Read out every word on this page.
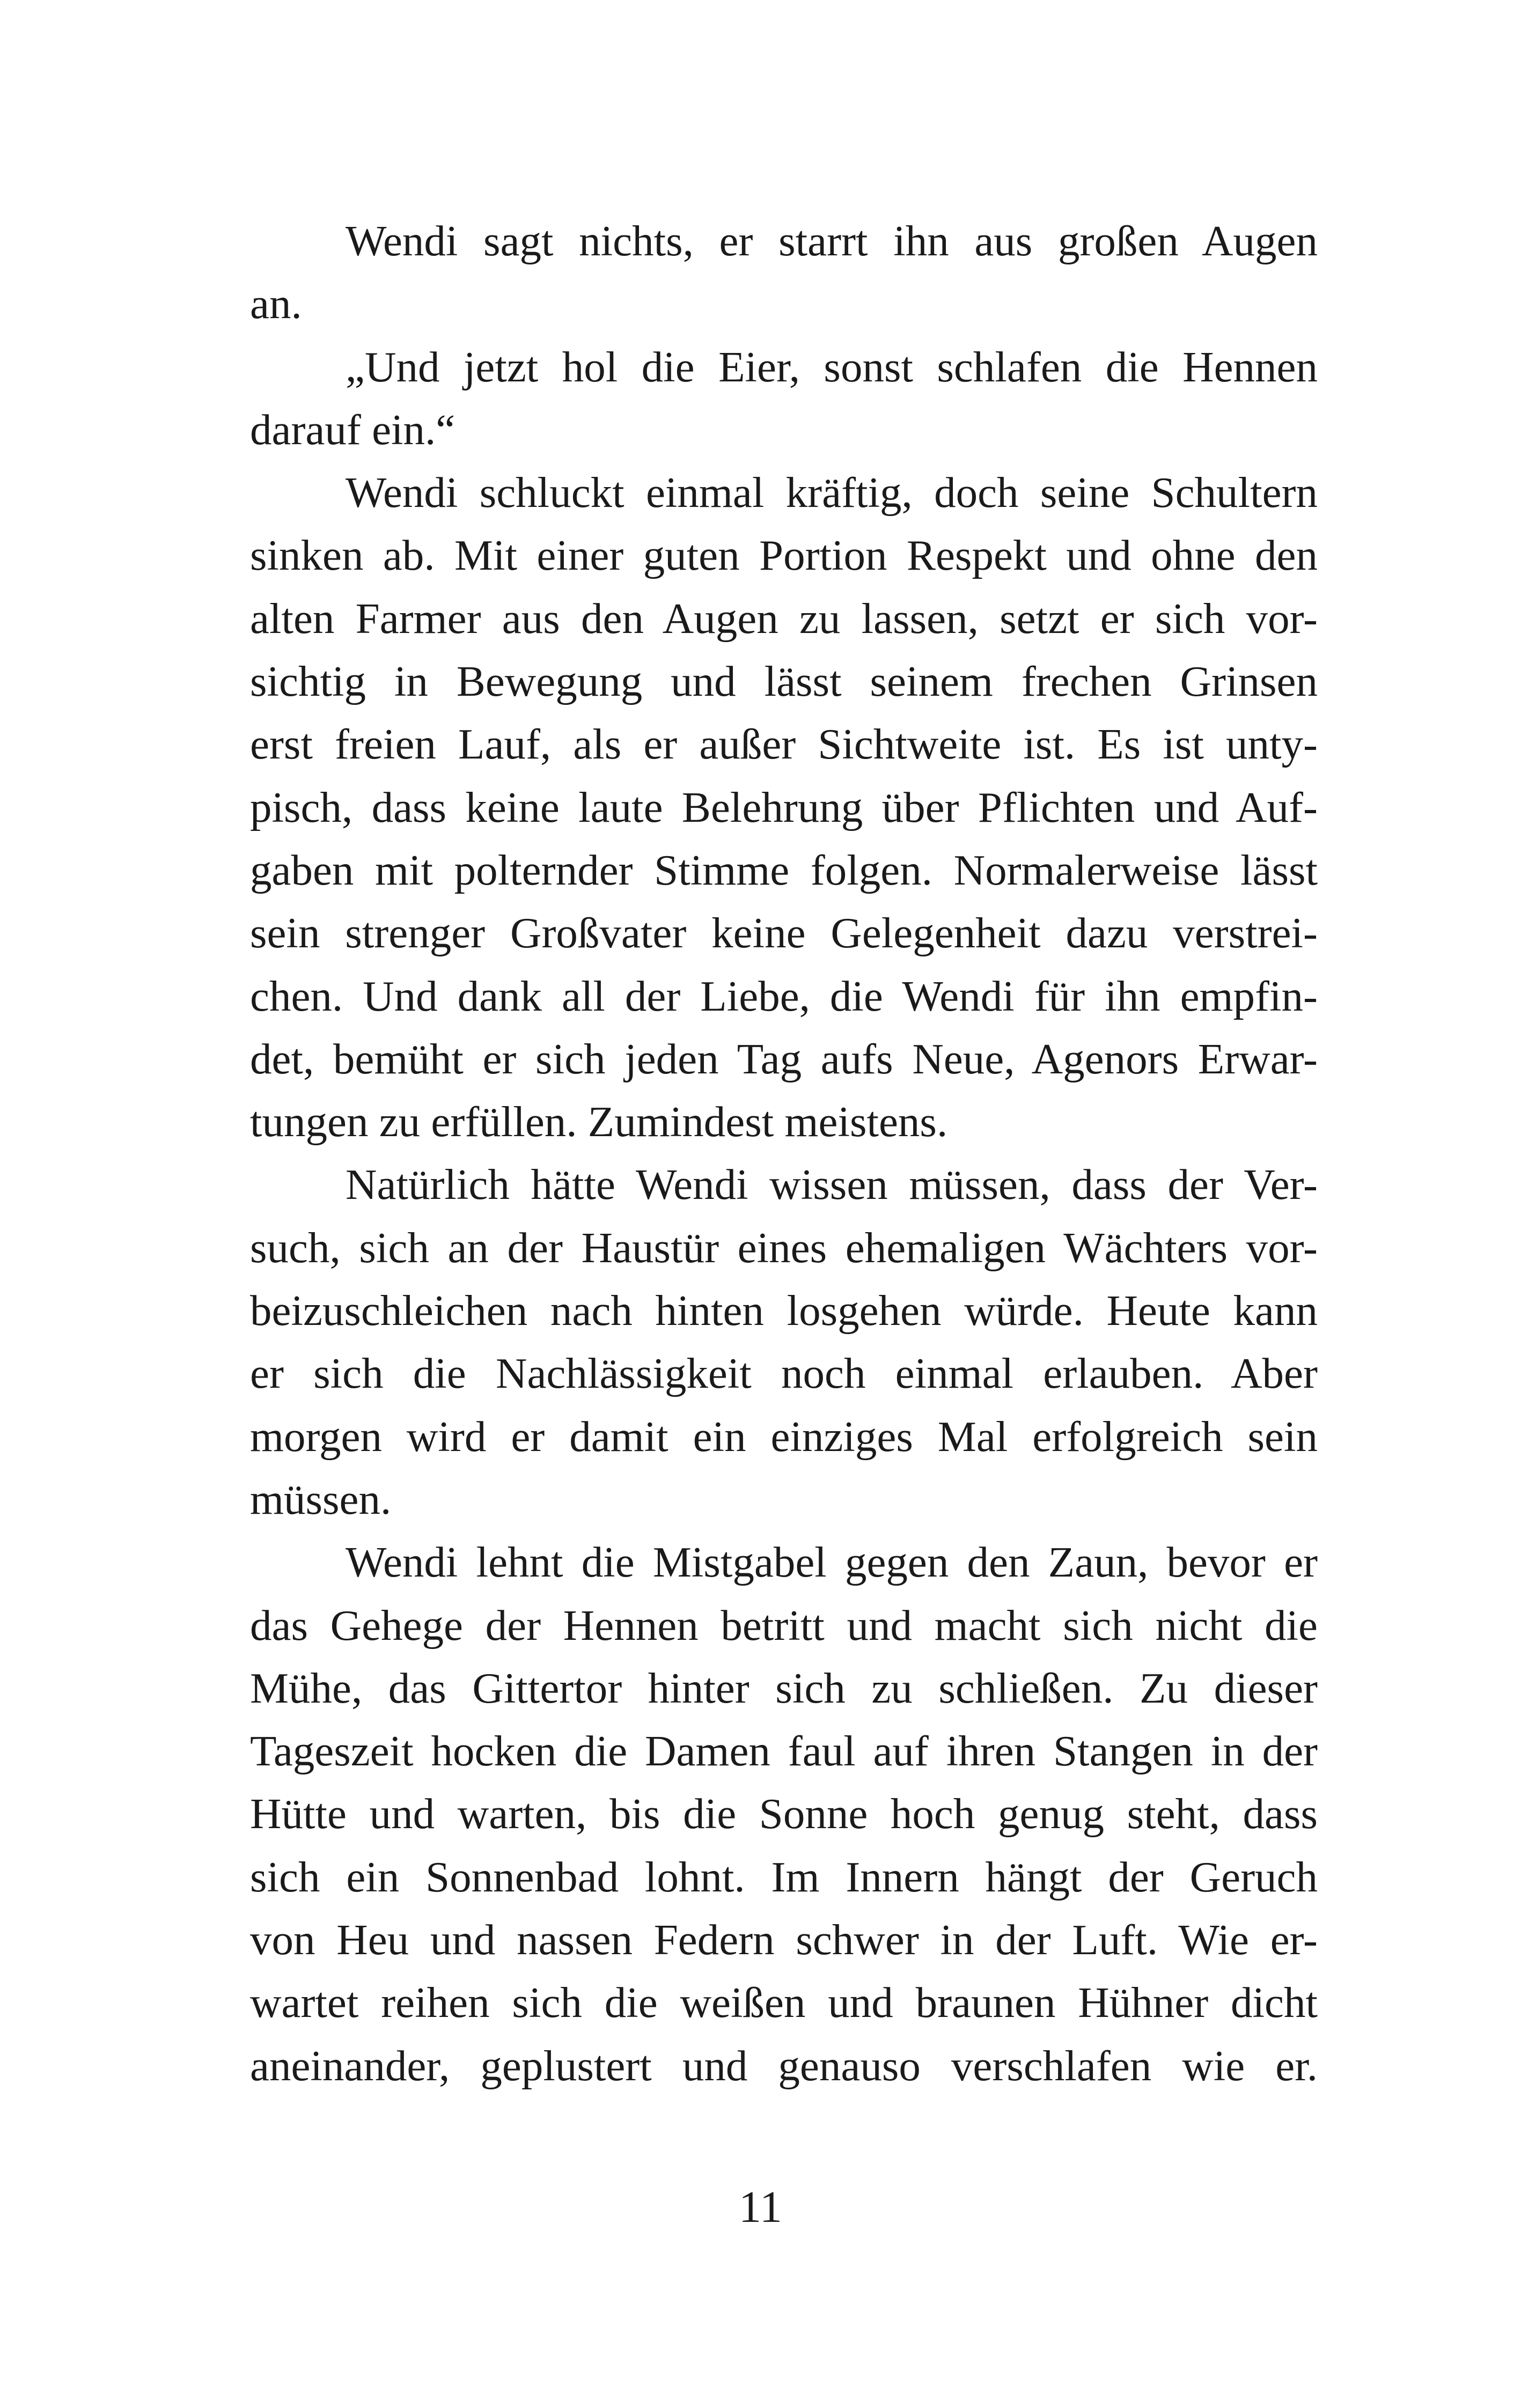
Wendi sagt nichts, er starrt ihn aus großen Augen
an.
„Und jetzt hol die Eier, sonst schlafen die Hennen
darauf ein.“
Wendi schluckt einmal kräftig, doch seine Schultern
sinken ab. Mit einer guten Portion Respekt und ohne den
alten Farmer aus den Augen zu lassen, setzt er sich vor-
sichtig in Bewegung und lässt seinem frechen Grinsen
erst freien Lauf, als er außer Sichtweite ist. Es ist unty-
pisch, dass keine laute Belehrung über Pflichten und Auf-
gaben mit polternder Stimme folgen. Normalerweise lässt
sein strenger Großvater keine Gelegenheit dazu verstrei-
chen. Und dank all der Liebe, die Wendi für ihn empfin-
det, bemüht er sich jeden Tag aufs Neue, Agenors Erwar-
tungen zu erfüllen. Zumindest meistens.
Natürlich hätte Wendi wissen müssen, dass der Ver-
such, sich an der Haustür eines ehemaligen Wächters vor-
beizuschleichen nach hinten losgehen würde. Heute kann
er sich die Nachlässigkeit noch einmal erlauben. Aber
morgen wird er damit ein einziges Mal erfolgreich sein
müssen.
Wendi lehnt die Mistgabel gegen den Zaun, bevor er
das Gehege der Hennen betritt und macht sich nicht die
Mühe, das Gittertor hinter sich zu schließen. Zu dieser
Tageszeit hocken die Damen faul auf ihren Stangen in der
Hütte und warten, bis die Sonne hoch genug steht, dass
sich ein Sonnenbad lohnt. Im Innern hängt der Geruch
von Heu und nassen Federn schwer in der Luft. Wie er-
wartet reihen sich die weißen und braunen Hühner dicht
aneinander, geplustert und genauso verschlafen wie er.
11
